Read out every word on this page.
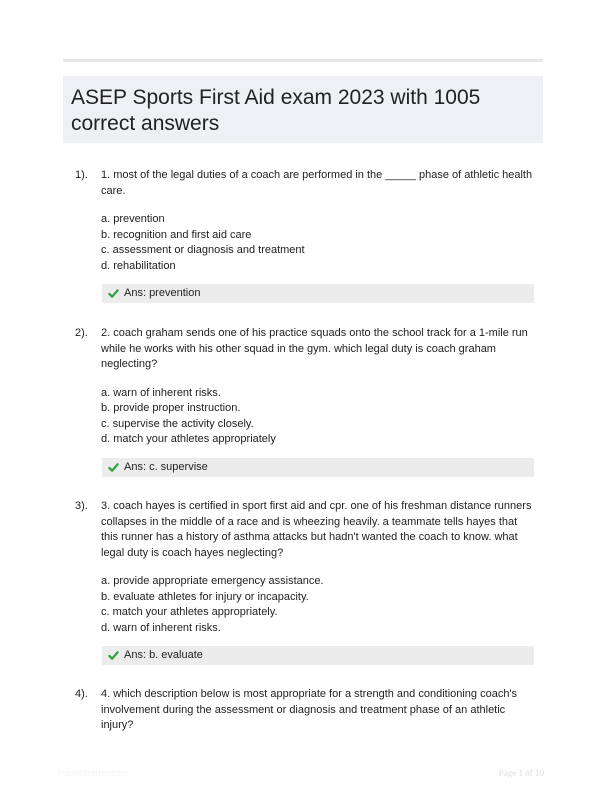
ASEP Sports First Aid exam 2023 with 1005 correct answers
1). 1. most of the legal duties of a coach are performed in the _____ phase of athletic health care.
a. prevention
b. recognition and first aid care
c. assessment or diagnosis and treatment
d. rehabilitation
Ans: prevention
2). 2. coach graham sends one of his practice squads onto the school track for a 1-mile run while he works with his other squad in the gym. which legal duty is coach graham neglecting?
a. warn of inherent risks.
b. provide proper instruction.
c. supervise the activity closely.
d. match your athletes appropriately
Ans: c. supervise
3). 3. coach hayes is certified in sport first aid and cpr. one of his freshman distance runners collapses in the middle of a race and is wheezing heavily. a teammate tells hayes that this runner has a history of asthma attacks but hadn't wanted the coach to know. what legal duty is coach hayes neglecting?
a. provide appropriate emergency assistance.
b. evaluate athletes for injury or incapacity.
c. match your athletes appropriately.
d. warn of inherent risks.
Ans: b. evaluate
4). 4. which description below is most appropriate for a strength and conditioning coach's involvement during the assessment or diagnosis and treatment phase of an athletic injury?
PaperStarter.com	Page 1 of 10
